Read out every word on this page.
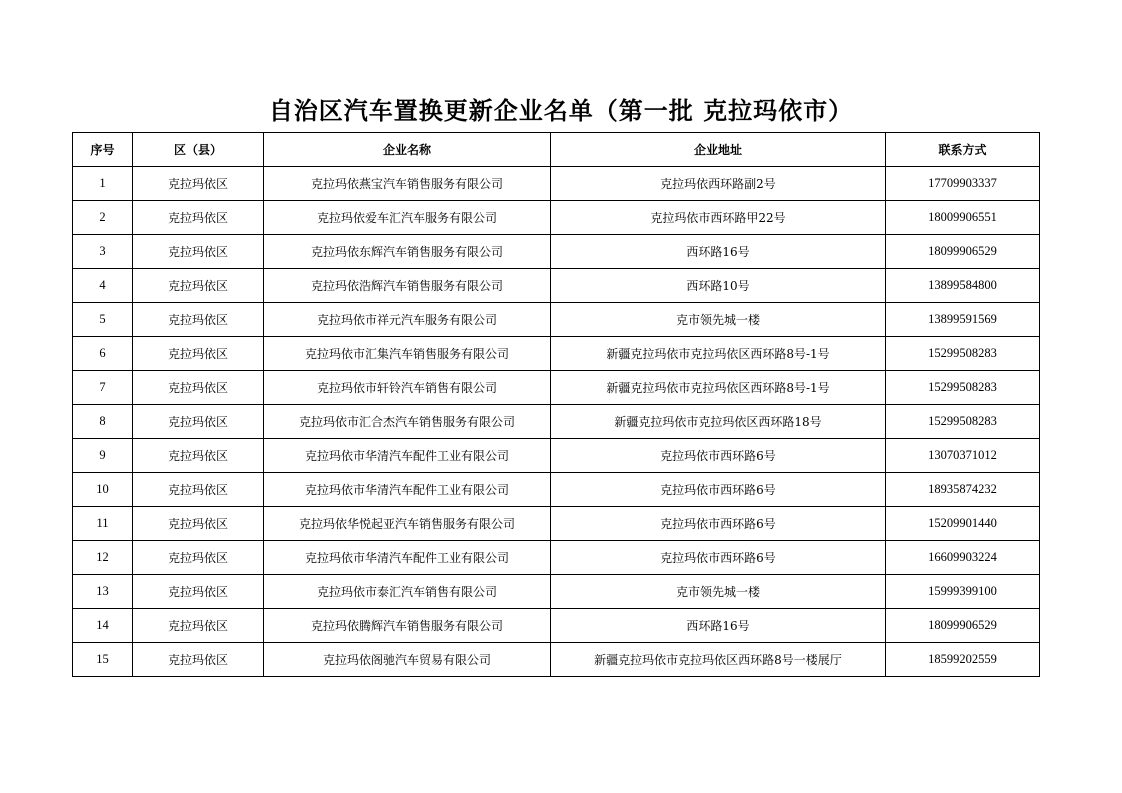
自治区汽车置换更新企业名单（第一批 克拉玛依市）
序号	区（县）	企业名称	企业地址	联系方式
1	克拉玛依区	克拉玛依燕宝汽车销售服务有限公司	克拉玛依西环路副2号	17709903337
2	克拉玛依区	克拉玛依爱车汇汽车服务有限公司	克拉玛依市西环路甲22号	18009906551
3	克拉玛依区	克拉玛依东辉汽车销售服务有限公司	西环路16号	18099906529
4	克拉玛依区	克拉玛依浩辉汽车销售服务有限公司	西环路10号	13899584800
5	克拉玛依区	克拉玛依市祥元汽车服务有限公司	克市领先城一楼	13899591569
6	克拉玛依区	克拉玛依市汇集汽车销售服务有限公司	新疆克拉玛依市克拉玛依区西环路8号-1号	15299508283
7	克拉玛依区	克拉玛依市轩铃汽车销售有限公司	新疆克拉玛依市克拉玛依区西环路8号-1号	15299508283
8	克拉玛依区	克拉玛依市汇合杰汽车销售服务有限公司	新疆克拉玛依市克拉玛依区西环路18号	15299508283
9	克拉玛依区	克拉玛依市华清汽车配件工业有限公司	克拉玛依市西环路6号	13070371012
10	克拉玛依区	克拉玛依市华清汽车配件工业有限公司	克拉玛依市西环路6号	18935874232
11	克拉玛依区	克拉玛依华悦起亚汽车销售服务有限公司	克拉玛依市西环路6号	15209901440
12	克拉玛依区	克拉玛依市华清汽车配件工业有限公司	克拉玛依市西环路6号	16609903224
13	克拉玛依区	克拉玛依市泰汇汽车销售有限公司	克市领先城一楼	15999399100
14	克拉玛依区	克拉玛依腾辉汽车销售服务有限公司	西环路16号	18099906529
15	克拉玛依区	克拉玛依阁驰汽车贸易有限公司	新疆克拉玛依市克拉玛依区西环路8号一楼展厅	18599202559
